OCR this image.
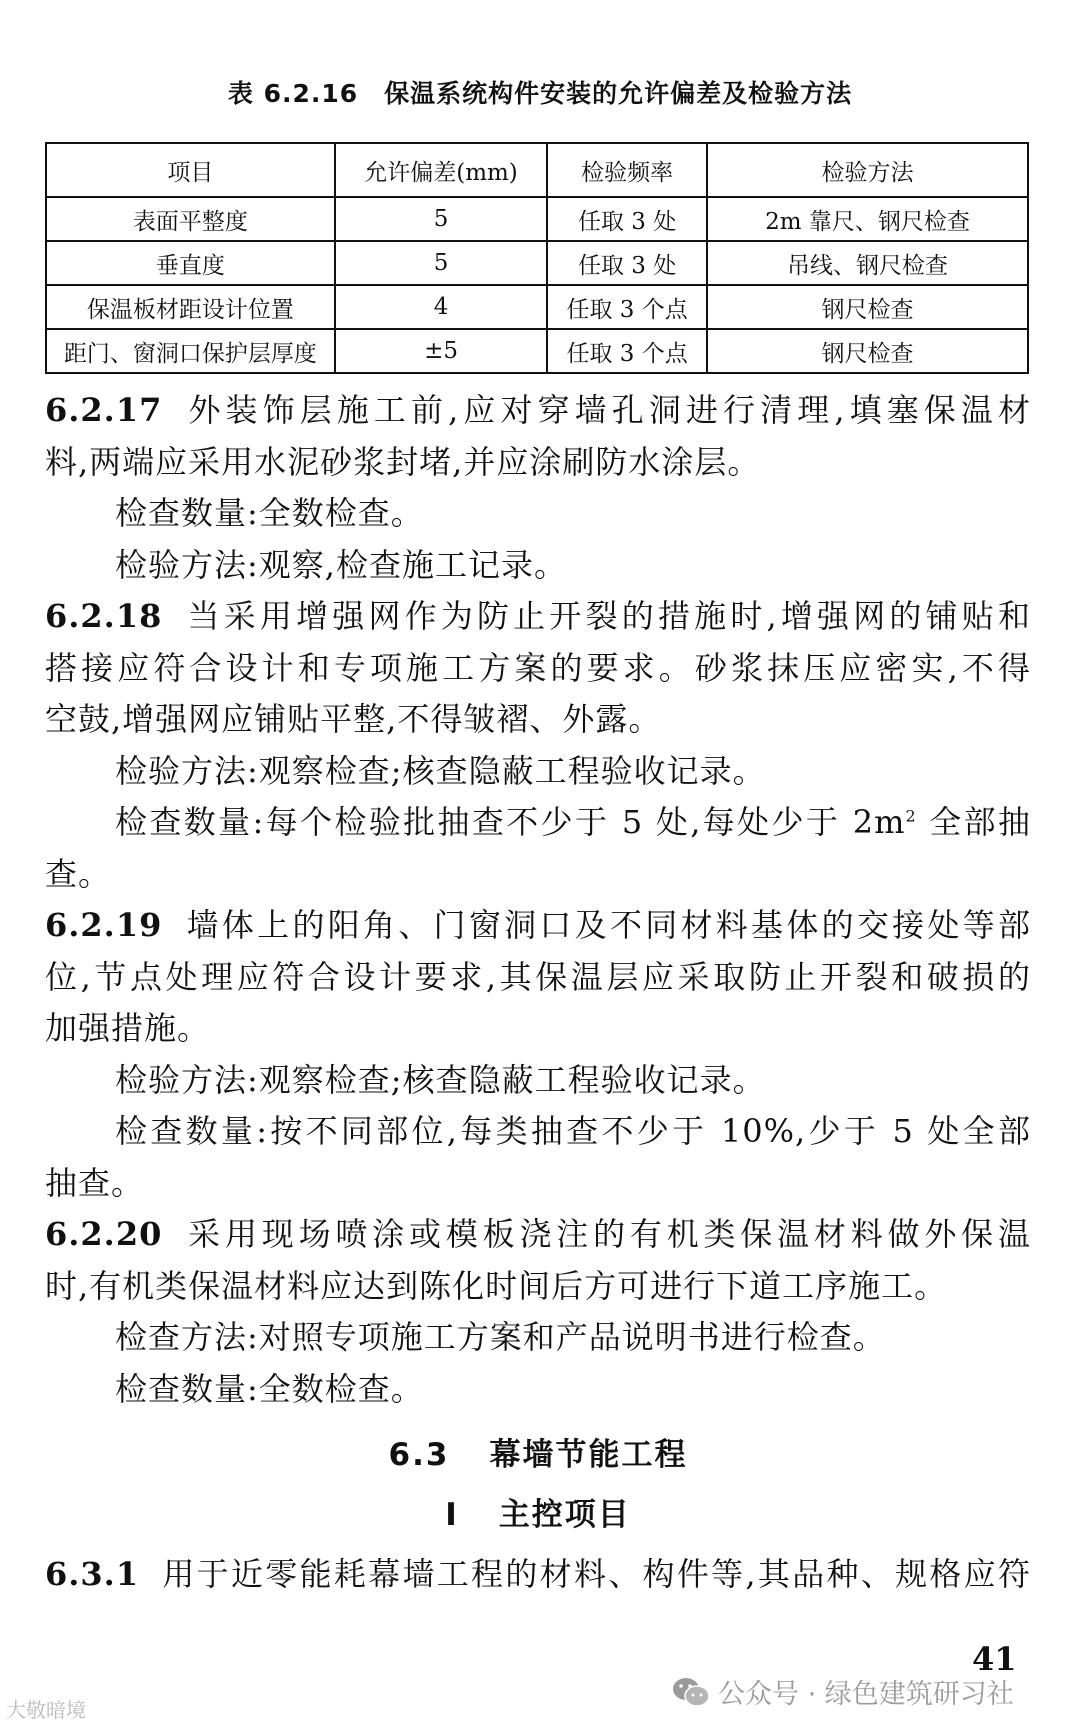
表 6.2.16　保温系统构件安装的允许偏差及检验方法
项目	允许偏差(mm)	检验频率	检验方法
表面平整度	5	任取 3 处	2m 靠尺、钢尺检查
垂直度	5	任取 3 处	吊线、钢尺检查
保温板材距设计位置	4	任取 3 个点	钢尺检查
距门、窗洞口保护层厚度	±5	任取 3 个点	钢尺检查
6.2.17 外装饰层施工前,应对穿墙孔洞进行清理,填塞保温材
料,两端应采用水泥砂浆封堵,并应涂刷防水涂层。
检查数量:全数检查。
检验方法:观察,检查施工记录。
6.2.18 当采用增强网作为防止开裂的措施时,增强网的铺贴和
搭接应符合设计和专项施工方案的要求。砂浆抹压应密实,不得
空鼓,增强网应铺贴平整,不得皱褶、外露。
检验方法:观察检查;核查隐蔽工程验收记录。
检查数量:每个检验批抽查不少于 5 处,每处少于 $2m^2$ 全部抽
查。
6.2.19 墙体上的阳角、门窗洞口及不同材料基体的交接处等部
位,节点处理应符合设计要求,其保温层应采取防止开裂和破损的
加强措施。
检验方法:观察检查;核查隐蔽工程验收记录。
检查数量:按不同部位,每类抽查不少于 10%,少于 5 处全部
抽查。
6.2.20 采用现场喷涂或模板浇注的有机类保温材料做外保温
时,有机类保温材料应达到陈化时间后方可进行下道工序施工。
检查方法:对照专项施工方案和产品说明书进行检查。
检查数量:全数检查。
6.3 幕墙节能工程
I 主控项目
6.3.1 用于近零能耗幕墙工程的材料、构件等,其品种、规格应符
41
大敬暗境	公众号 · 绿色建筑研习社
